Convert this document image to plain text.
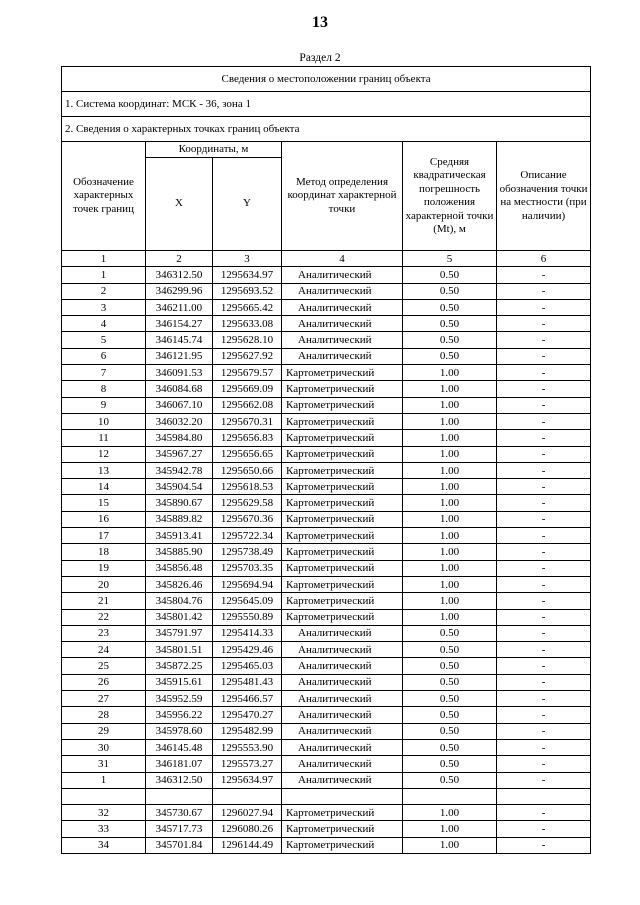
13
Раздел 2
Сведения о местоположении границ объекта					
1. Система координат: МСК - 36, зона 1					
2. Сведения о характерных точках границ объекта					
Обозначение характерных точек границ	Координаты, м		Метод определения координат характерной точки	Средняя квадратическая погрешность положения характерной точки (Mt), м	Описание обозначения точки на местности (при наличии)
	X	Y			
1	2	3	4	5	6
1	346312.50	1295634.97	Аналитический	0.50	-
2	346299.96	1295693.52	Аналитический	0.50	-
3	346211.00	1295665.42	Аналитический	0.50	-
4	346154.27	1295633.08	Аналитический	0.50	-
5	346145.74	1295628.10	Аналитический	0.50	-
6	346121.95	1295627.92	Аналитический	0.50	-
7	346091.53	1295679.57	Картометрический	1.00	-
8	346084.68	1295669.09	Картометрический	1.00	-
9	346067.10	1295662.08	Картометрический	1.00	-
10	346032.20	1295670.31	Картометрический	1.00	-
11	345984.80	1295656.83	Картометрический	1.00	-
12	345967.27	1295656.65	Картометрический	1.00	-
13	345942.78	1295650.66	Картометрический	1.00	-
14	345904.54	1295618.53	Картометрический	1.00	-
15	345890.67	1295629.58	Картометрический	1.00	-
16	345889.82	1295670.36	Картометрический	1.00	-
17	345913.41	1295722.34	Картометрический	1.00	-
18	345885.90	1295738.49	Картометрический	1.00	-
19	345856.48	1295703.35	Картометрический	1.00	-
20	345826.46	1295694.94	Картометрический	1.00	-
21	345804.76	1295645.09	Картометрический	1.00	-
22	345801.42	1295550.89	Картометрический	1.00	-
23	345791.97	1295414.33	Аналитический	0.50	-
24	345801.51	1295429.46	Аналитический	0.50	-
25	345872.25	1295465.03	Аналитический	0.50	-
26	345915.61	1295481.43	Аналитический	0.50	-
27	345952.59	1295466.57	Аналитический	0.50	-
28	345956.22	1295470.27	Аналитический	0.50	-
29	345978.60	1295482.99	Аналитический	0.50	-
30	346145.48	1295553.90	Аналитический	0.50	-
31	346181.07	1295573.27	Аналитический	0.50	-
1	346312.50	1295634.97	Аналитический	0.50	-

32	345730.67	1296027.94	Картометрический	1.00	-
33	345717.73	1296080.26	Картометрический	1.00	-
34	345701.84	1296144.49	Картометрический	1.00	-
